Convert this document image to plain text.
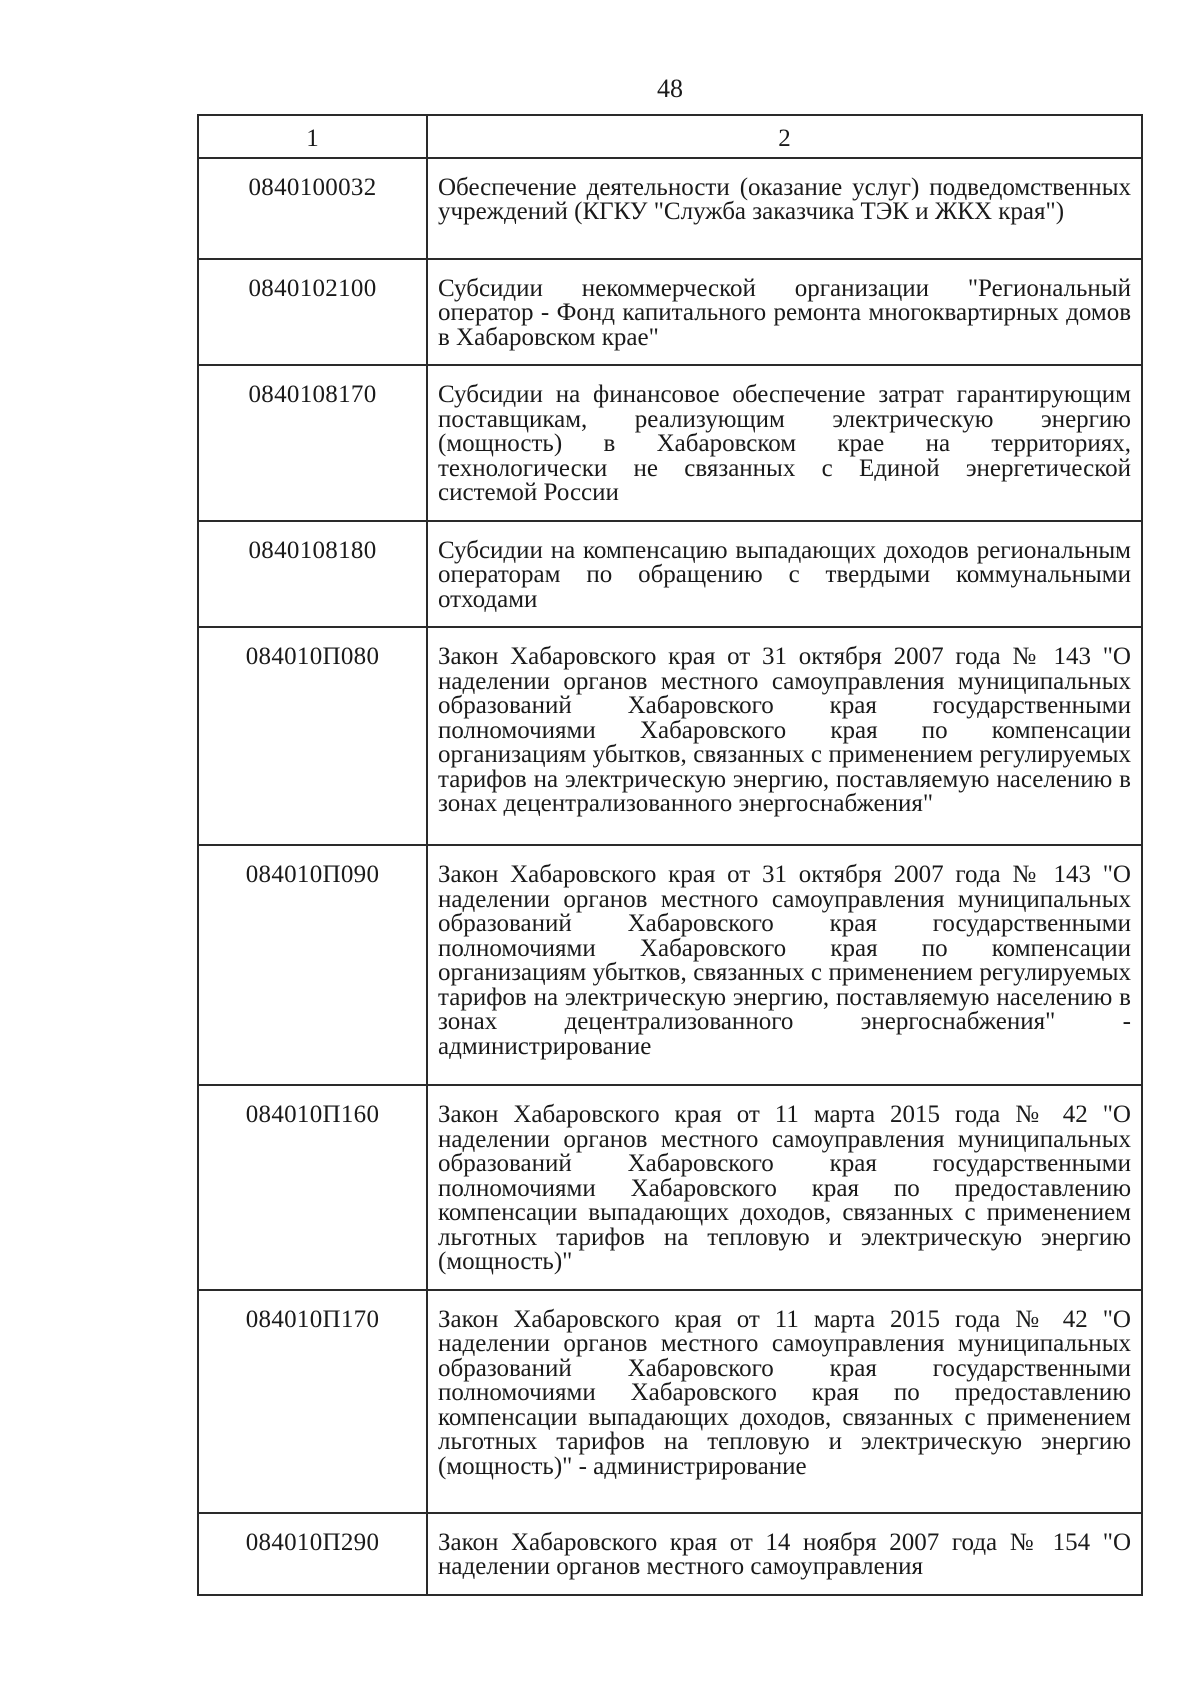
48
1	2
0840100032	Обеспечение деятельности (оказание услуг) подведомственных учреждений (КГКУ "Служба заказчика ТЭК и ЖКХ края")
0840102100	Субсидии некоммерческой организации "Региональный оператор - Фонд капитального ремонта многоквартирных домов в Хабаровском крае"
0840108170	Субсидии на финансовое обеспечение затрат гарантирующим поставщикам, реализующим электрическую энергию (мощность) в Хабаровском крае на территориях, технологически не связанных с Единой энергетической системой России
0840108180	Субсидии на компенсацию выпадающих доходов региональным операторам по обращению с твердыми коммунальными отходами
084010П080	Закон Хабаровского края от 31 октября 2007 года № 143 "О наделении органов местного самоуправления муниципальных образований Хабаровского края государственными полномочиями Хабаровского края по компенсации организациям убытков, связанных с применением регулируемых тарифов на электрическую энергию, поставляемую населению в зонах децентрализованного энергоснабжения"
084010П090	Закон Хабаровского края от 31 октября 2007 года № 143 "О наделении органов местного самоуправления муниципальных образований Хабаровского края государственными полномочиями Хабаровского края по компенсации организациям убытков, связанных с применением регулируемых тарифов на электрическую энергию, поставляемую населению в зонах децентрализованного энергоснабжения" - администрирование
084010П160	Закон Хабаровского края от 11 марта 2015 года № 42 "О наделении органов местного самоуправления муниципальных образований Хабаровского края государственными полномочиями Хабаровского края по предоставлению компенсации выпадающих доходов, связанных с применением льготных тарифов на тепловую и электрическую энергию (мощность)"
084010П170	Закон Хабаровского края от 11 марта 2015 года № 42 "О наделении органов местного самоуправления муниципальных образований Хабаровского края государственными полномочиями Хабаровского края по предоставлению компенсации выпадающих доходов, связанных с применением льготных тарифов на тепловую и электрическую энергию (мощность)" - администрирование
084010П290	Закон Хабаровского края от 14 ноября 2007 года № 154 "О наделении органов местного самоуправления
